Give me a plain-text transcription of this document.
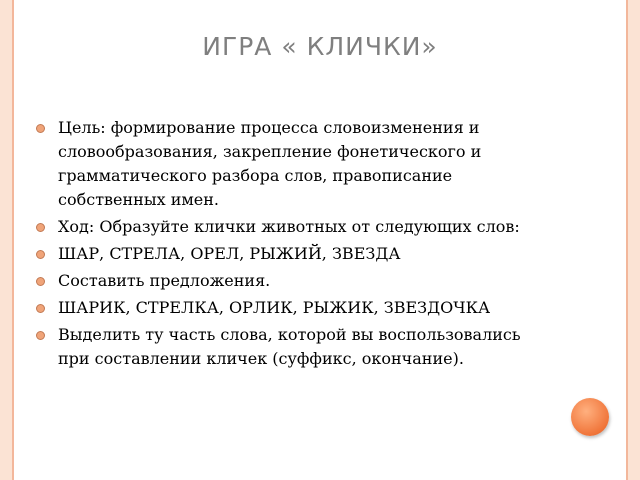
ИГРА « КЛИЧКИ»
Цель: формирование процесса словоизменения и словообразования, закрепление фонетического и грамматического разбора слов, правописание собственных имен.
Ход: Образуйте клички животных от следующих слов:
ШАР, СТРЕЛА, ОРЕЛ, РЫЖИЙ, ЗВЕЗДА
Составить предложения.
ШАРИК, СТРЕЛКА, ОРЛИК, РЫЖИК, ЗВЕЗДОЧКА
Выделить ту часть слова, которой вы воспользовались при составлении кличек (суффикс, окончание).
